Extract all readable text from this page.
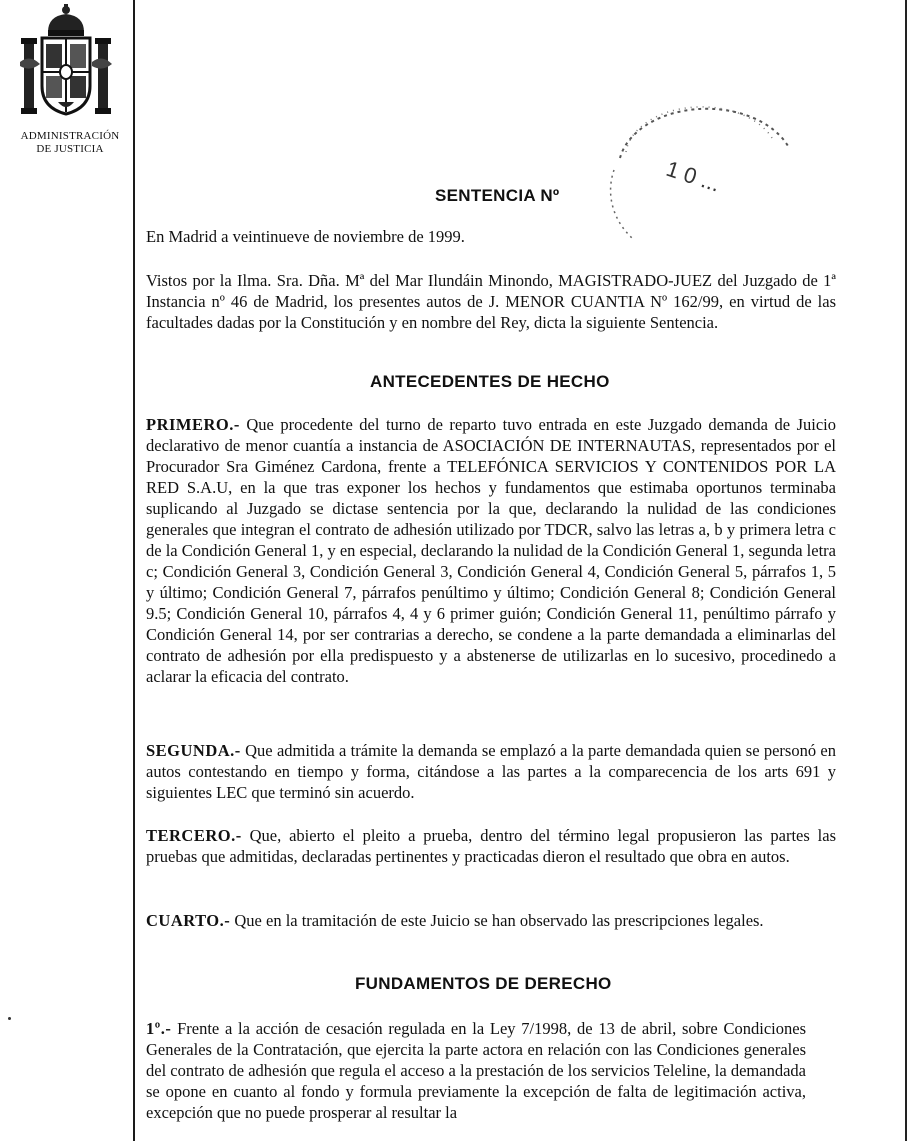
ADMINISTRACIÓN
DE JUSTICIA
1 0 ...
SENTENCIA Nº
En Madrid a veintinueve de noviembre de 1999.
Vistos por la Ilma. Sra. Dña. Mª del Mar Ilundáin Minondo, MAGISTRADO-JUEZ del Juzgado de 1ª Instancia nº 46 de Madrid, los presentes autos de J. MENOR CUANTIA Nº 162/99, en virtud de las facultades dadas por la Constitución y en nombre del Rey, dicta la siguiente Sentencia.
ANTECEDENTES DE HECHO
PRIMERO.- Que procedente del turno de reparto tuvo entrada en este Juzgado demanda de Juicio declarativo de menor cuantía a instancia de ASOCIACIÓN DE INTERNAUTAS, representados por el Procurador Sra Giménez Cardona, frente a TELEFÓNICA SERVICIOS Y CONTENIDOS POR LA RED S.A.U, en la que tras exponer los hechos y fundamentos que estimaba oportunos terminaba suplicando al Juzgado se dictase sentencia por la que, declarando la nulidad de las condiciones generales que integran el contrato de adhesión utilizado por TDCR, salvo las letras a, b y primera letra c de la Condición General 1, y en especial, declarando la nulidad de la Condición General 1, segunda letra c; Condición General 3, Condición General 3, Condición General 4, Condición General 5, párrafos 1, 5 y último; Condición General 7, párrafos penúltimo y último; Condición General 8; Condición General 9.5; Condición General 10, párrafos 4, 4 y 6 primer guión; Condición General 11, penúltimo párrafo y Condición General 14, por ser contrarias a derecho, se condene a la parte demandada a eliminarlas del contrato de adhesión por ella predispuesto y a abstenerse de utilizarlas en lo sucesivo, procedinedo a aclarar la eficacia del contrato.
SEGUNDA.- Que admitida a trámite la demanda se emplazó a la parte demandada quien se personó en autos contestando en tiempo y forma, citándose a las partes a la comparecencia de los arts 691 y siguientes LEC que terminó sin acuerdo.
TERCERO.- Que, abierto el pleito a prueba, dentro del término legal propusieron las partes las pruebas que admitidas, declaradas pertinentes y practicadas dieron el resultado que obra en autos.
CUARTO.- Que en la tramitación de este Juicio se han observado las prescripciones legales.
FUNDAMENTOS DE DERECHO
1º.- Frente a la acción de cesación regulada en la Ley 7/1998, de 13 de abril, sobre Condiciones Generales de la Contratación, que ejercita la parte actora en relación con las Condiciones generales del contrato de adhesión que regula el acceso a la prestación de los servicios Teleline, la demandada se opone en cuanto al fondo y formula previamente la excepción de falta de legitimación activa, excepción que no puede prosperar al resultar la
